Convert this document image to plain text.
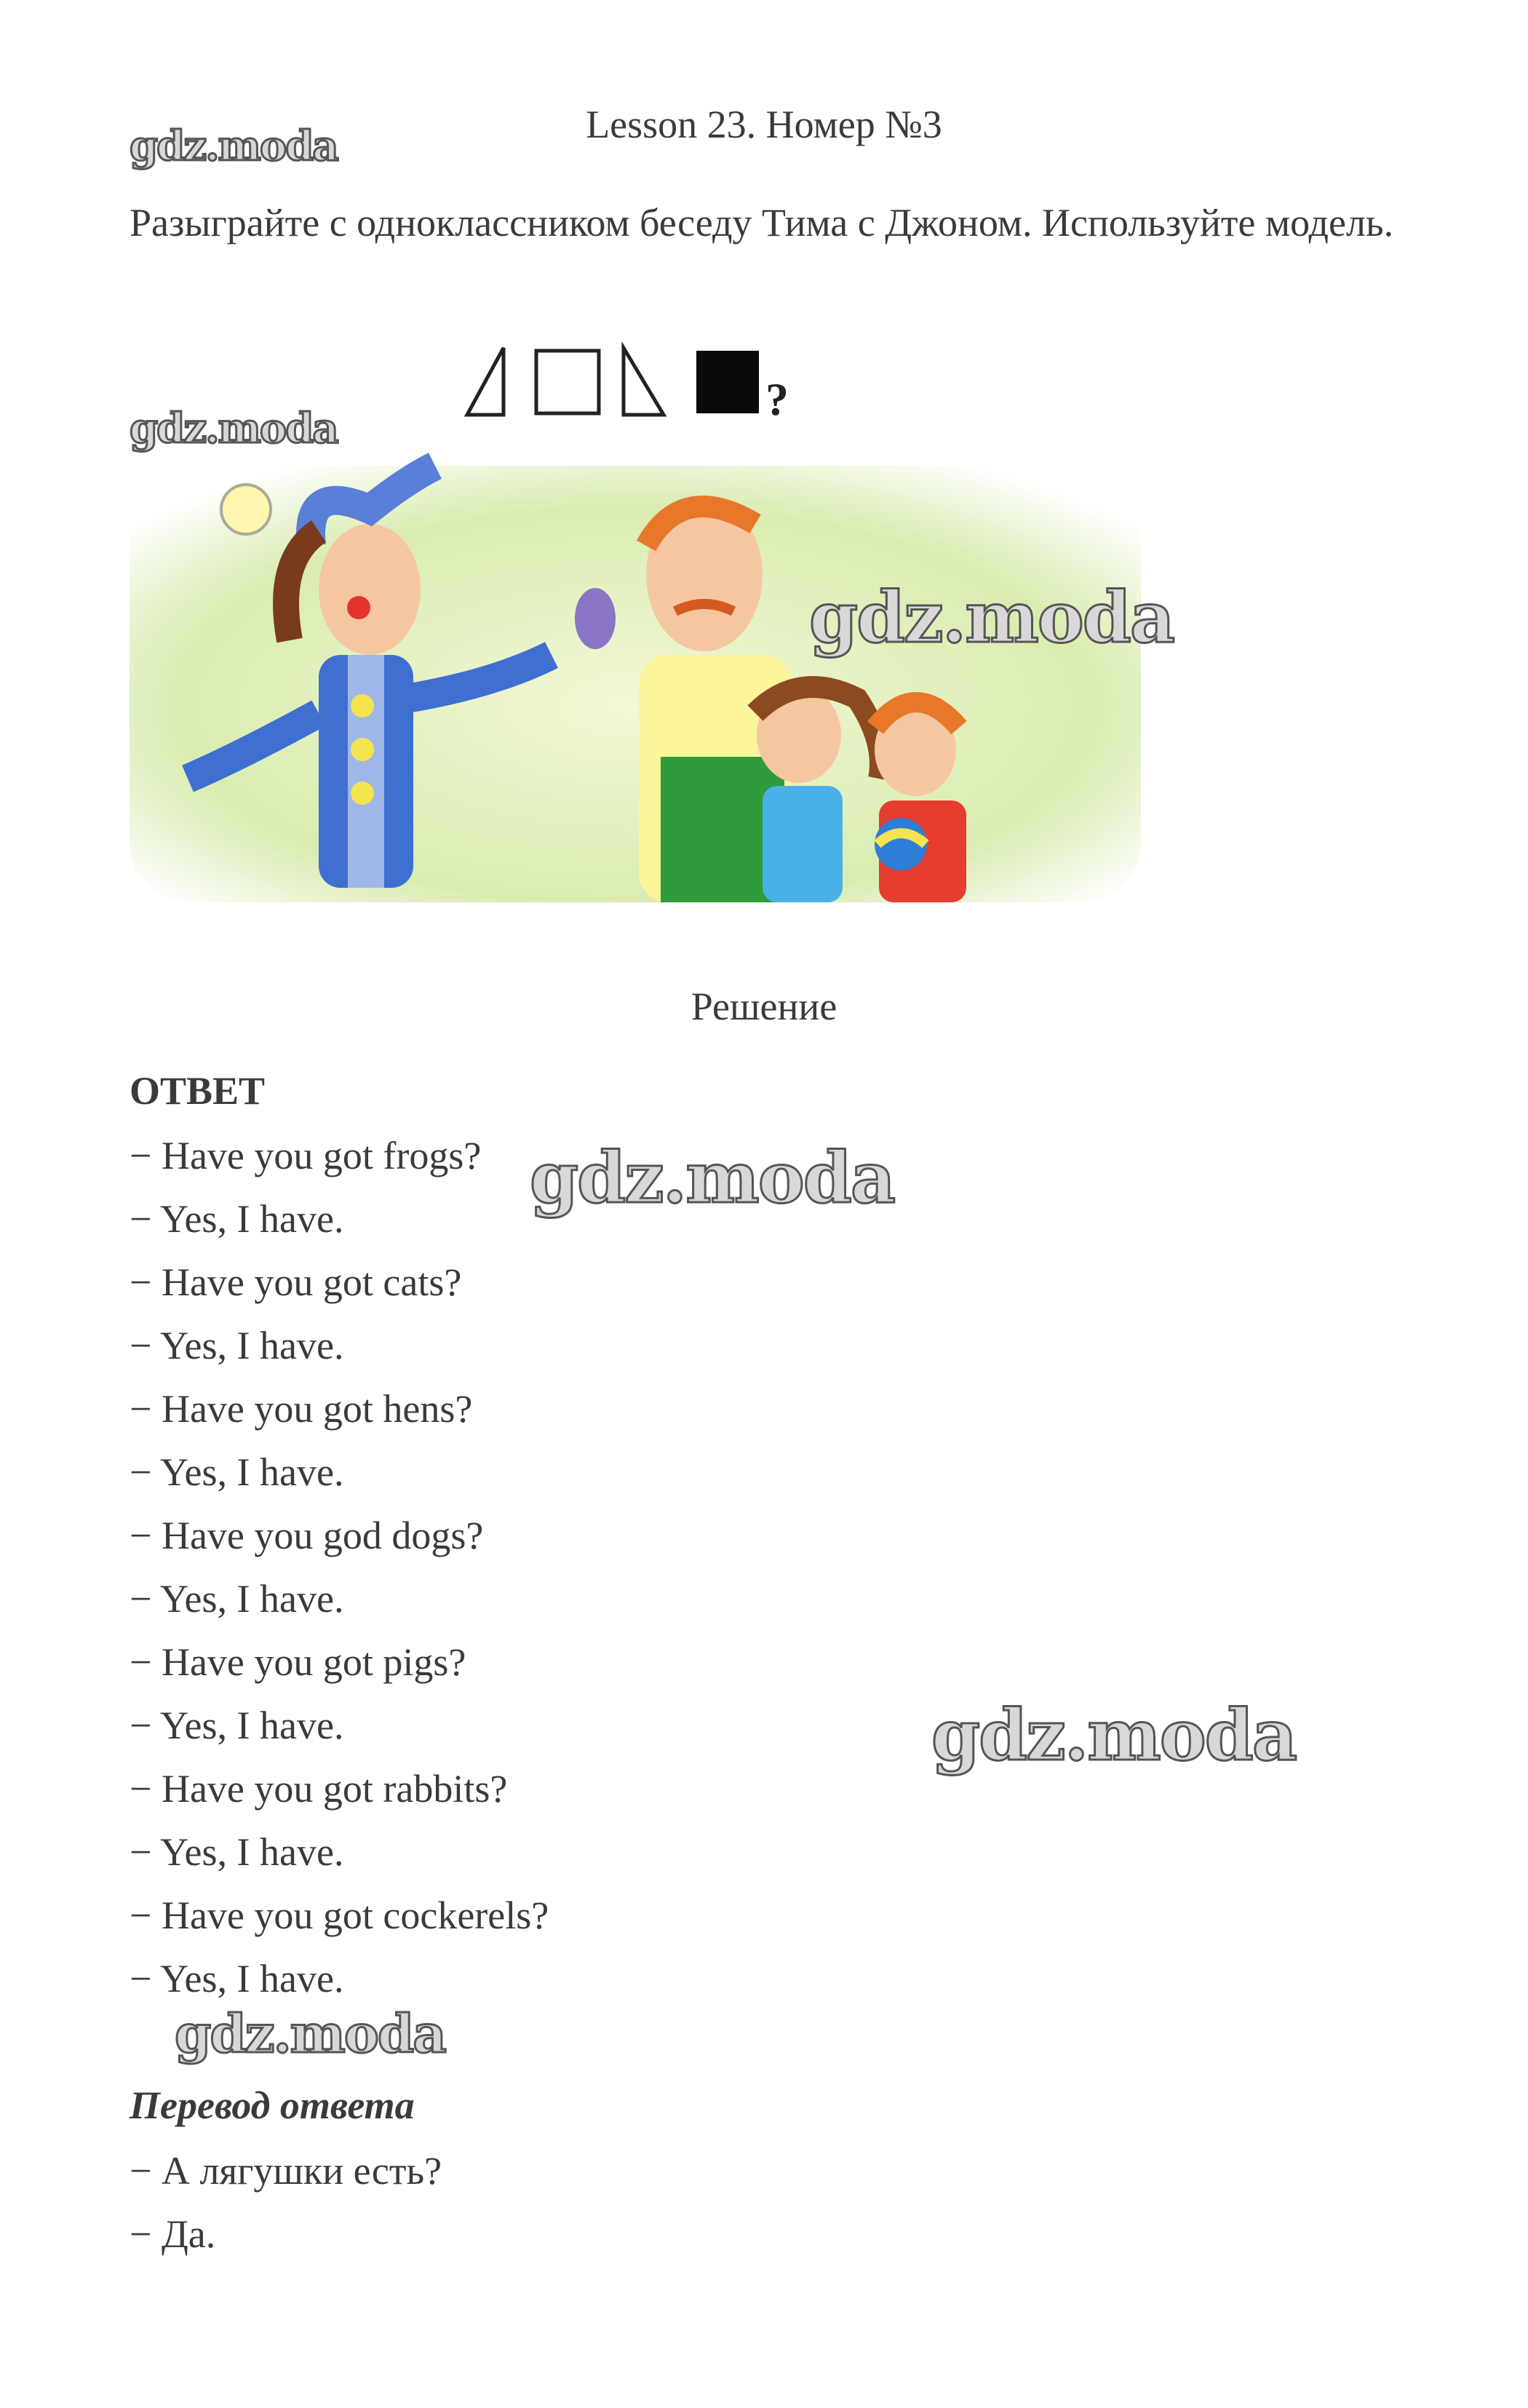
gdz.moda
gdz.moda
Lesson 23. Номер №3
Разыграйте с одноклассником беседу Тима с Джоном. Используйте модель.
?
gdz.moda
Решение
ОТВЕТ
− Have you got frogs?
− Yes, I have.
− Have you got cats?
− Yes, I have.
− Have you got hens?
− Yes, I have.
− Have you god dogs?
− Yes, I have.
− Have you got pigs?
− Yes, I have.
− Have you got rabbits?
− Yes, I have.
− Have you got cockerels?
− Yes, I have.
gdz.moda
gdz.moda
gdz.moda
Перевод ответа
− А лягушки есть?
− Да.
